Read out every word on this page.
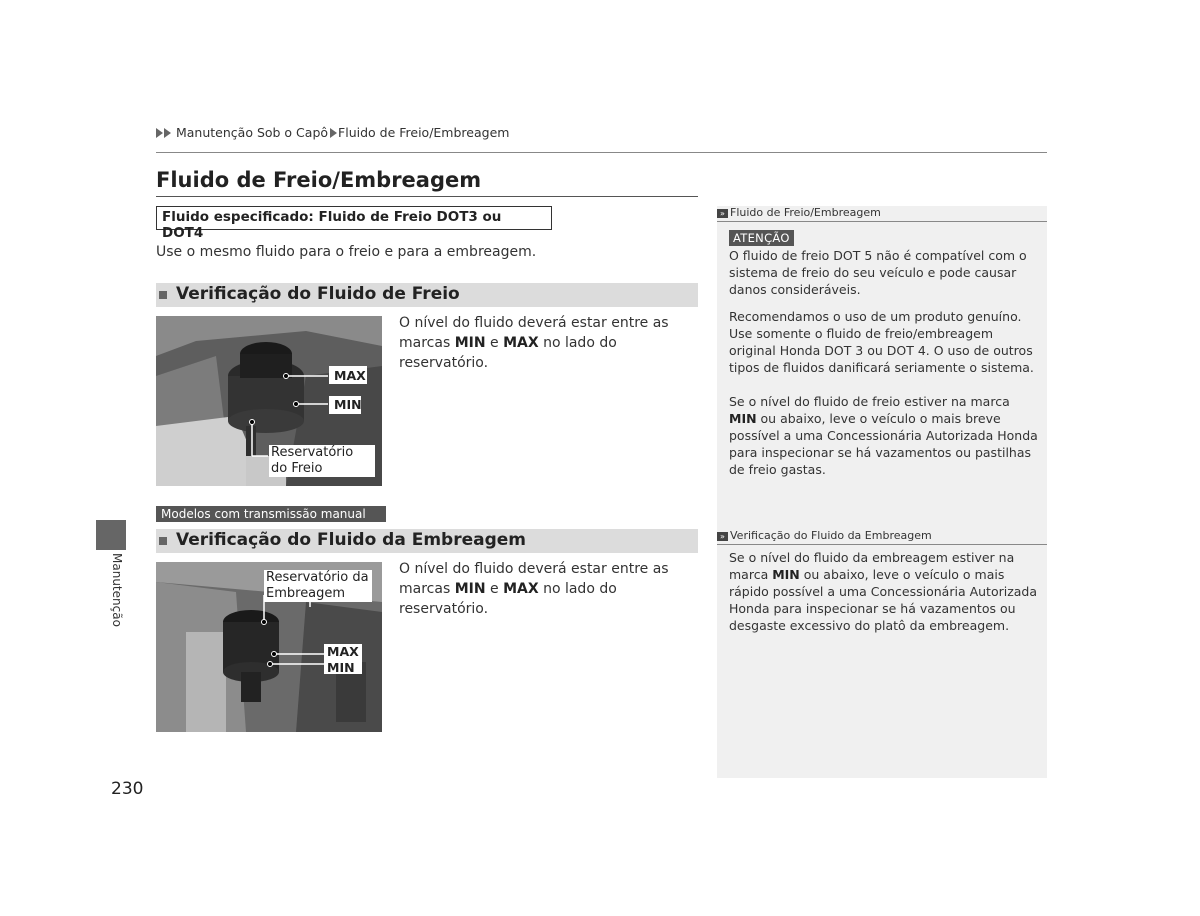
Manutenção Sob o Capô Fluido de Freio/Embreagem
Fluido de Freio/Embreagem
Fluido especificado: Fluido de Freio DOT3 ou DOT4
Use o mesmo fluido para o freio e para a embreagem.
Verificação do Fluido de Freio
MAX
MIN
Reservatório do Freio
O nível do fluido deverá estar entre as marcas MIN e MAX no lado do reservatório.
Modelos com transmissão manual
Verificação do Fluido da Embreagem
Reservatório da Embreagem
MAX
MIN
O nível do fluido deverá estar entre as marcas MIN e MAX no lado do reservatório.
» Fluido de Freio/Embreagem
ATENÇÃO
O fluido de freio DOT 5 não é compatível com o sistema de freio do seu veículo e pode causar danos consideráveis.
Recomendamos o uso de um produto genuíno. Use somente o fluido de freio/embreagem original Honda DOT 3 ou DOT 4. O uso de outros tipos de fluidos danificará seriamente o sistema.
Se o nível do fluido de freio estiver na marca MIN ou abaixo, leve o veículo o mais breve possível a uma Concessionária Autorizada Honda para inspecionar se há vazamentos ou pastilhas de freio gastas.
» Verificação do Fluido da Embreagem
Se o nível do fluido da embreagem estiver na marca MIN ou abaixo, leve o veículo o mais rápido possível a uma Concessionária Autorizada Honda para inspecionar se há vazamentos ou desgaste excessivo do platô da embreagem.
Manutenção
230
